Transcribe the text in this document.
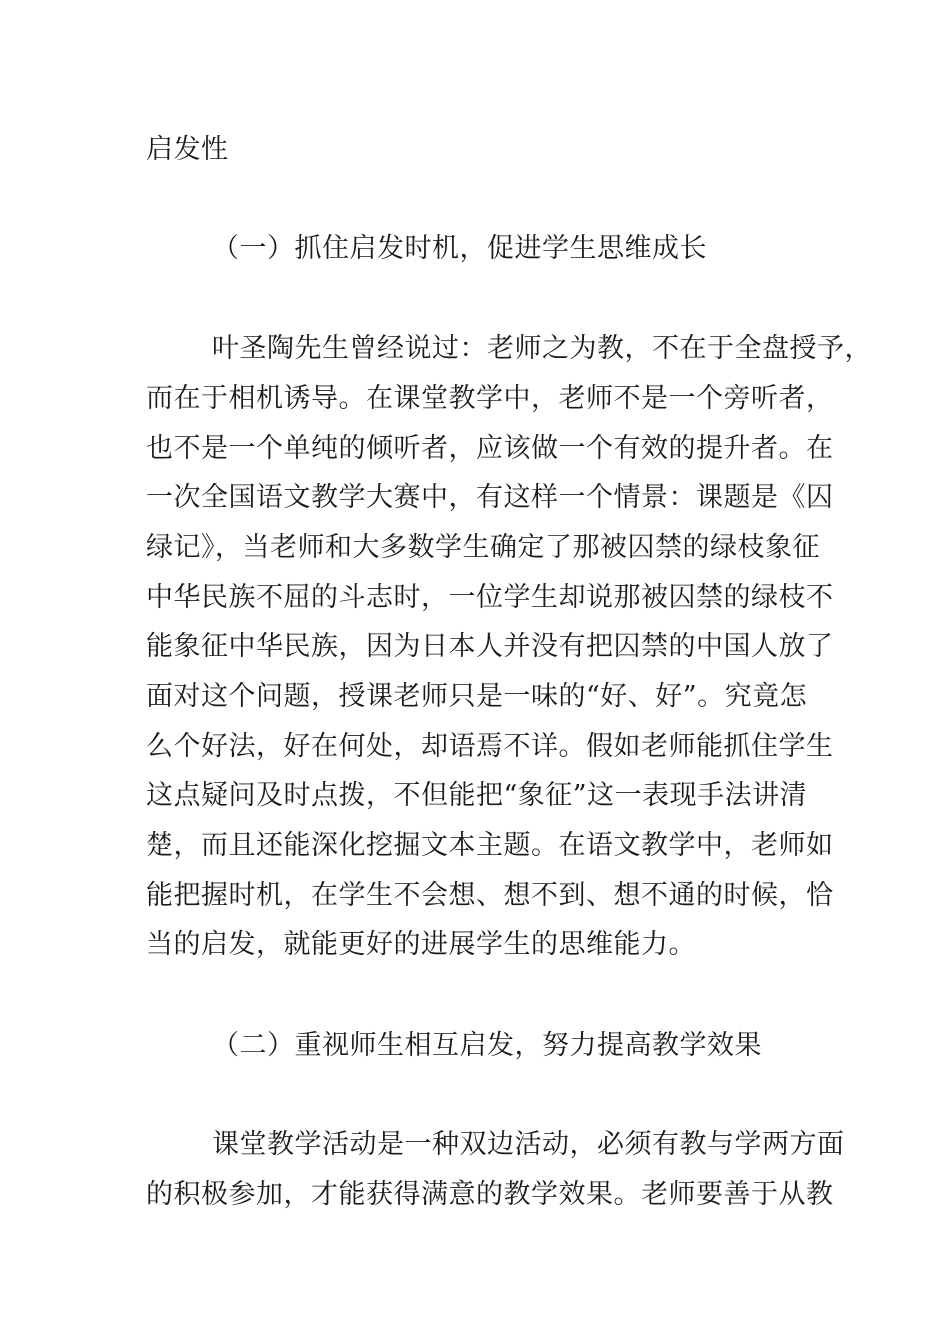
启发性
（一）抓住启发时机，促进学生思维成长
叶圣陶先生曾经说过：老师之为教，不在于全盘授予，
而在于相机诱导。在课堂教学中，老师不是一个旁听者，
也不是一个单纯的倾听者，应该做一个有效的提升者。在
一次全国语文教学大赛中，有这样一个情景：课题是《囚
绿记》，当老师和大多数学生确定了那被囚禁的绿枝象征
中华民族不屈的斗志时，一位学生却说那被囚禁的绿枝不
能象征中华民族，因为日本人并没有把囚禁的中国人放了
面对这个问题，授课老师只是一味的“好、好”。究竟怎
么个好法，好在何处，却语焉不详。假如老师能抓住学生
这点疑问及时点拨，不但能把“象征”这一表现手法讲清
楚，而且还能深化挖掘文本主题。在语文教学中，老师如
能把握时机，在学生不会想、想不到、想不通的时候，恰
当的启发，就能更好的进展学生的思维能力。
（二）重视师生相互启发，努力提高教学效果
课堂教学活动是一种双边活动，必须有教与学两方面
的积极参加，才能获得满意的教学效果。老师要善于从教
